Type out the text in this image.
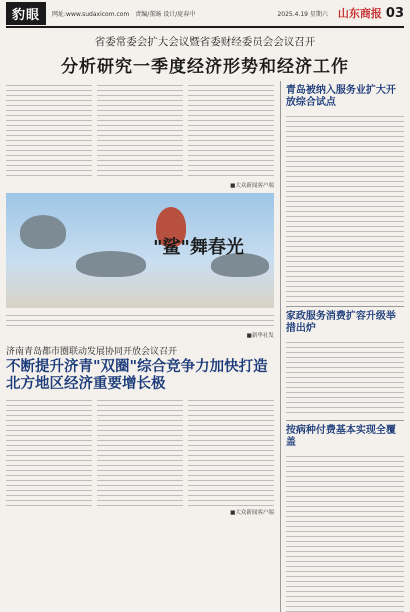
豹眼	网址:www.sudaxicom.com 责编/董旸 设计/庞春中	2025.4.19 星期六 山东商报 03
省委常委会扩大会议暨省委财经委员会会议召开
分析研究一季度经济形势和经济工作
■大众新闻客户端
"鲨"舞春光
■新华社发
济南青岛都市圈联动发展协同开放会议召开
不断提升济青"双圈"综合竞争力加快打造北方地区经济重要增长极
■大众新闻客户端
青岛被纳入服务业扩大开放综合试点
家政服务消费扩容升级举措出炉
按病种付费基本实现全覆盖
